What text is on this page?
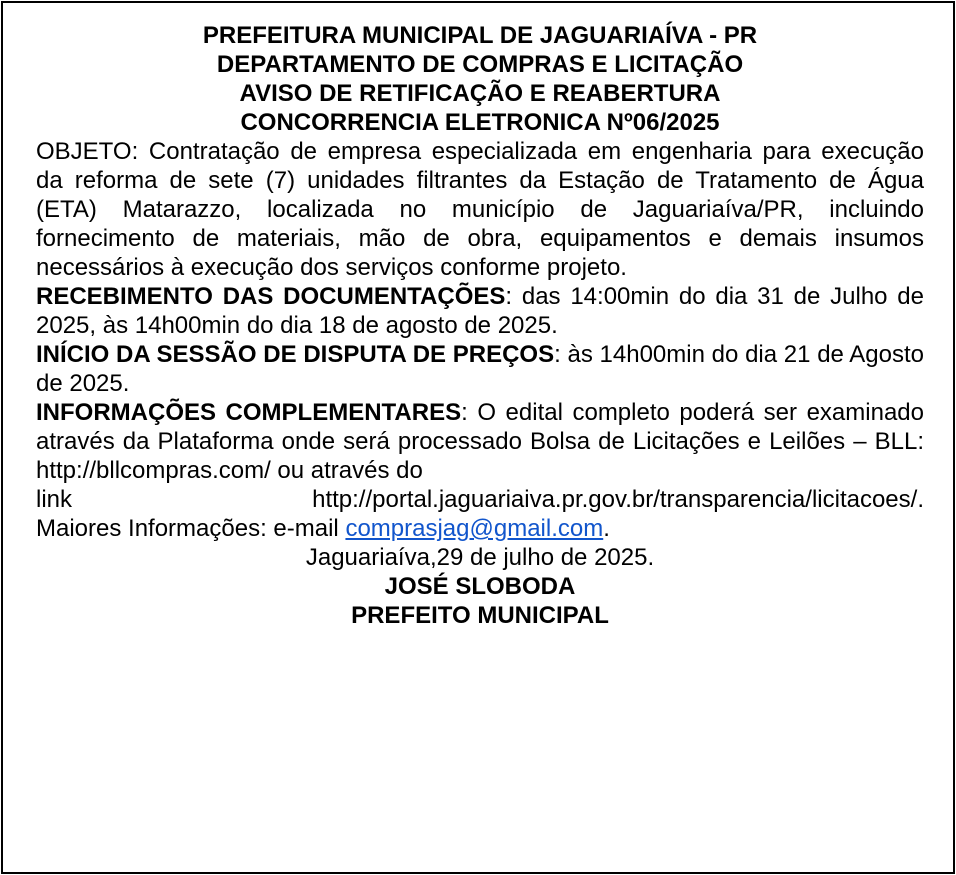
PREFEITURA MUNICIPAL DE JAGUARIAÍVA - PR

DEPARTAMENTO DE COMPRAS E LICITAÇÃO

AVISO DE RETIFICAÇÃO E REABERTURA

CONCORRENCIA ELETRONICA Nº06/2025

OBJETO: Contratação de empresa especializada em engenharia para execução da reforma de sete (7) unidades filtrantes da Estação de Tratamento de Água (ETA) Matarazzo, localizada no município de Jaguariaíva/PR, incluindo fornecimento de materiais, mão de obra, equipamentos e demais insumos necessários à execução dos serviços conforme projeto.

RECEBIMENTO DAS DOCUMENTAÇÕES: das 14:00min do dia 31 de Julho de 2025, às 14h00min do dia 18 de agosto de 2025.

INÍCIO DA SESSÃO DE DISPUTA DE PREÇOS: às 14h00min do dia 21 de Agosto de 2025.

INFORMAÇÕES COMPLEMENTARES: O edital completo poderá ser examinado através da Plataforma onde será processado Bolsa de Licitações e Leilões – BLL: http://bllcompras.com/ ou através do

link	http://portal.jaguariaiva.pr.gov.br/transparencia/licitacoes/.

Maiores Informações: e-mail comprasjag@gmail.com.

Jaguariaíva,29 de julho de 2025.

JOSÉ SLOBODA

PREFEITO MUNICIPAL
